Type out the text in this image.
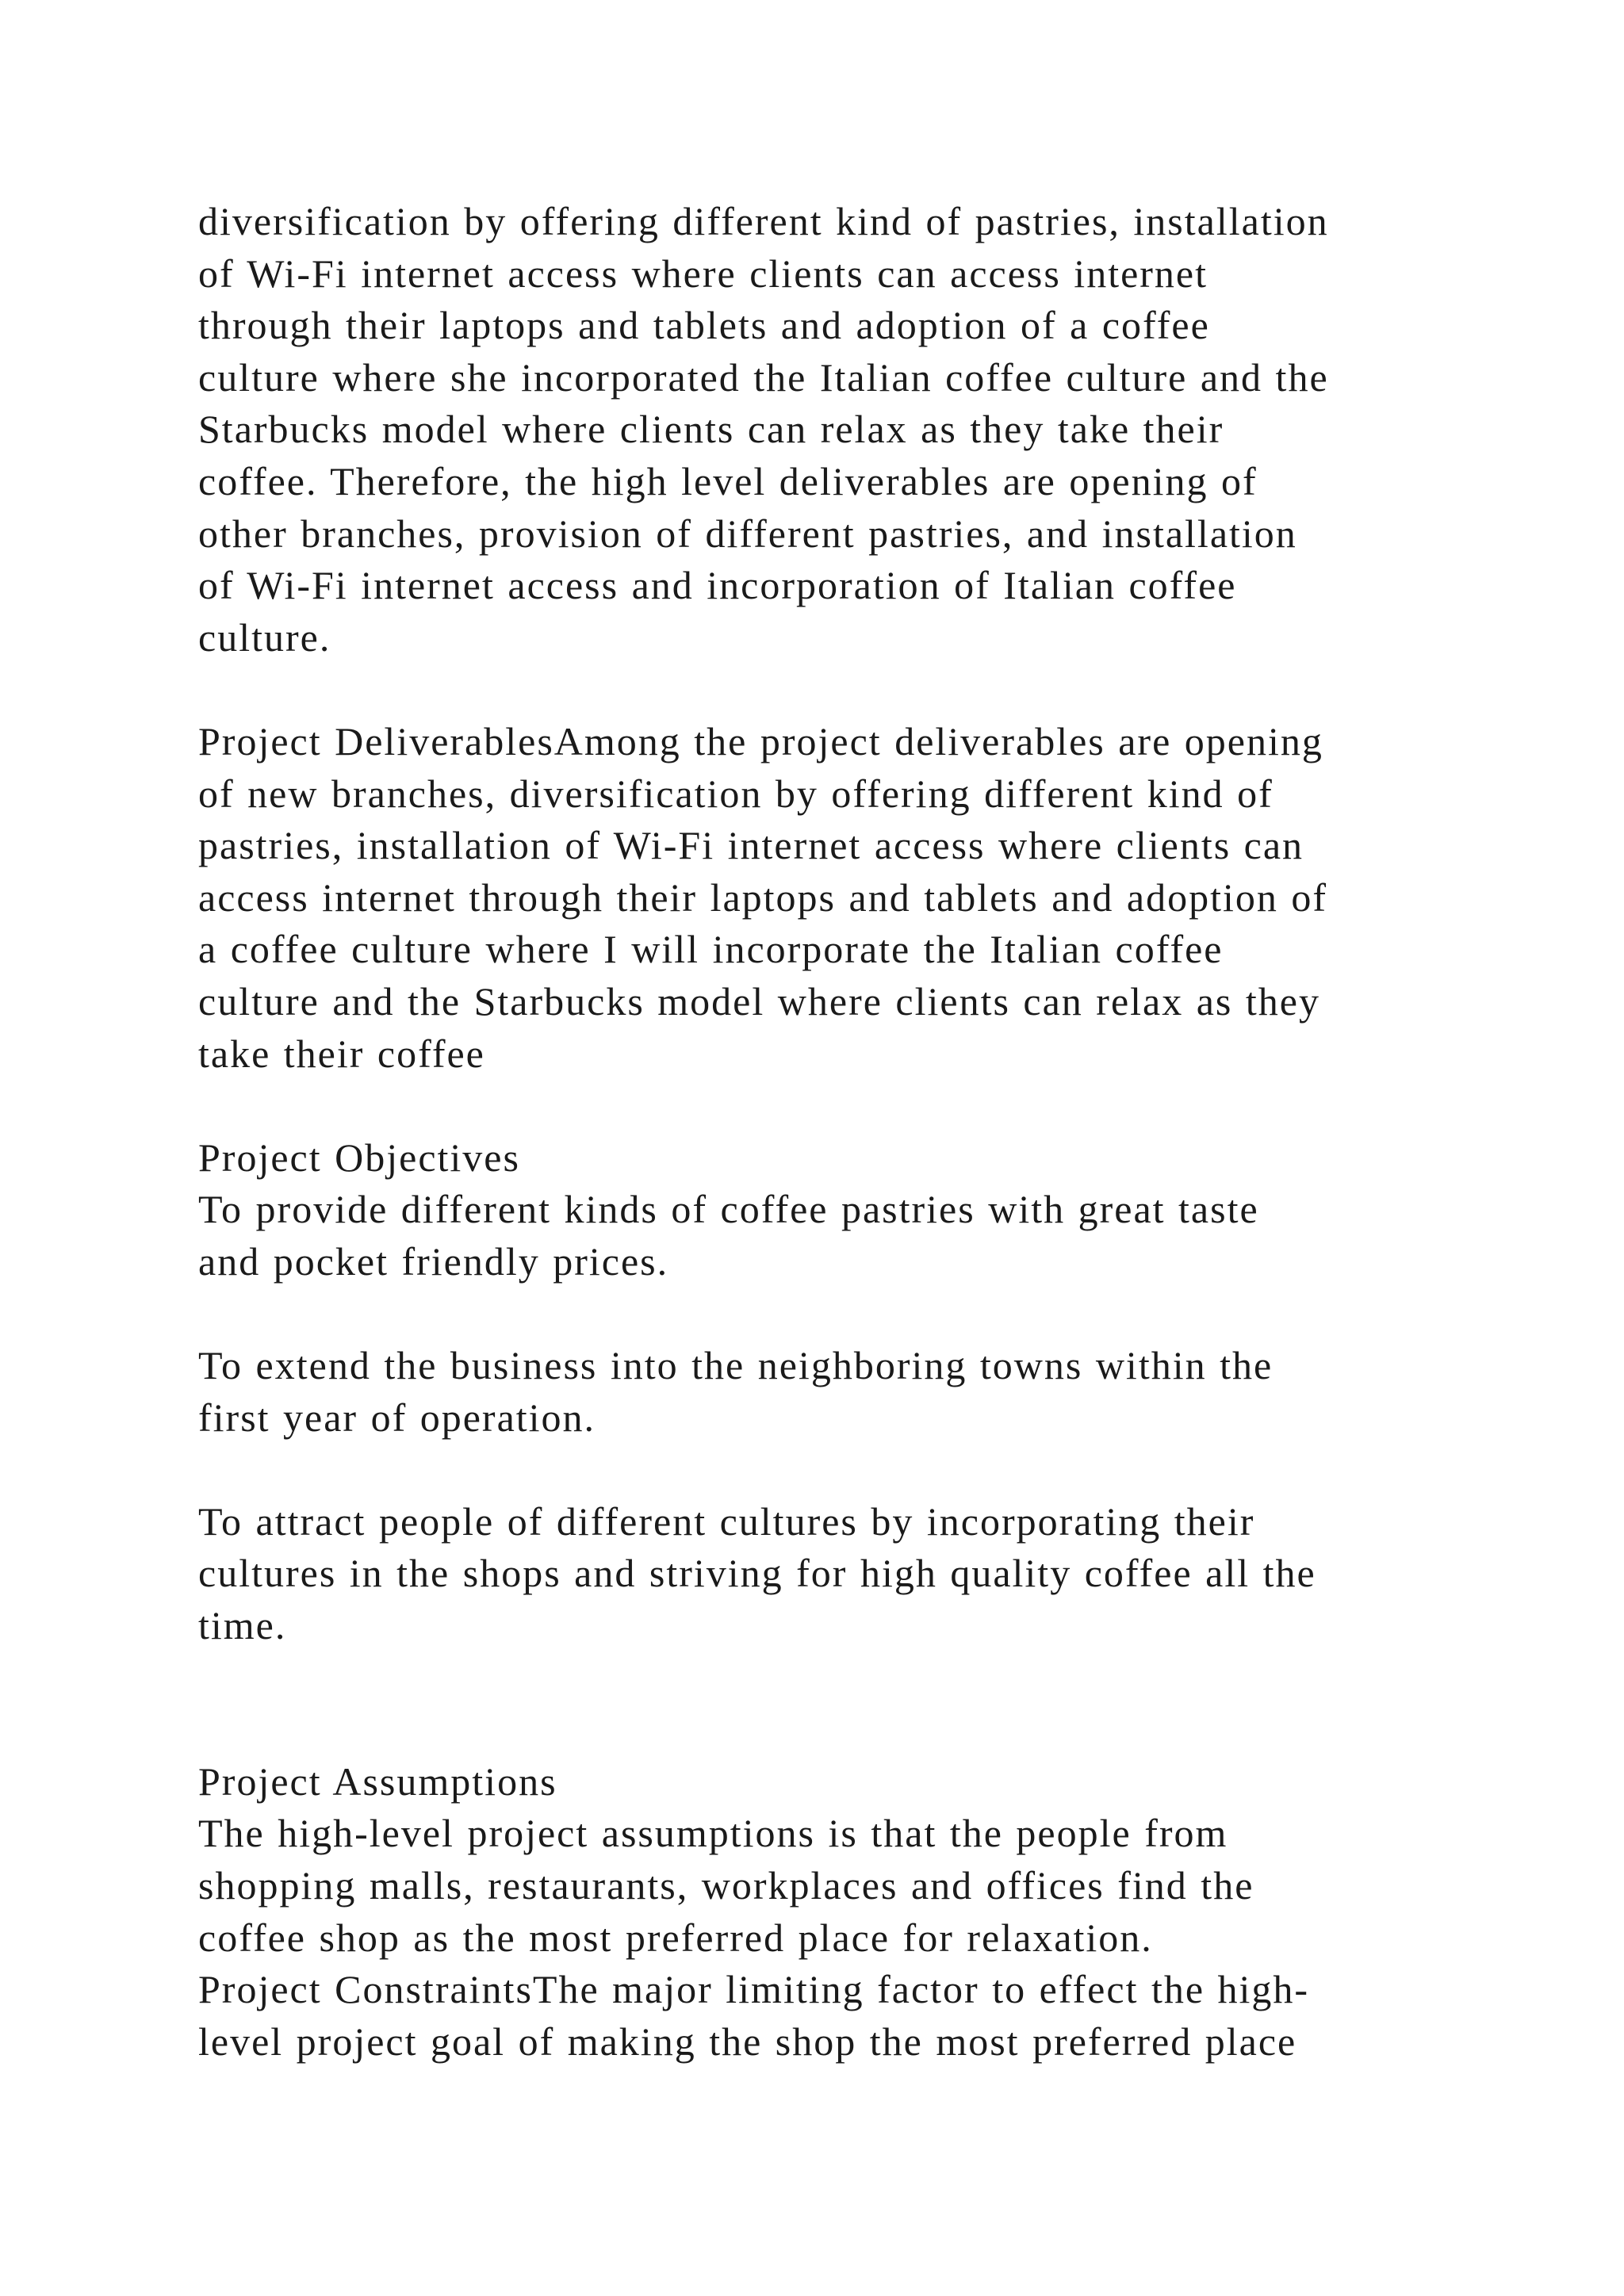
diversification by offering different kind of pastries, installation
of Wi-Fi internet access where clients can access internet
through their laptops and tablets and adoption of a coffee
culture where she incorporated the Italian coffee culture and the
Starbucks model where clients can relax as they take their
coffee. Therefore, the high level deliverables are opening of
other branches, provision of different pastries, and installation
of Wi-Fi internet access and incorporation of Italian coffee
culture.
Project DeliverablesAmong the project deliverables are opening
of new branches, diversification by offering different kind of
pastries, installation of Wi-Fi internet access where clients can
access internet through their laptops and tablets and adoption of
a coffee culture where I will incorporate the Italian coffee
culture and the Starbucks model where clients can relax as they
take their coffee
Project Objectives
To provide different kinds of coffee pastries with great taste
and pocket friendly prices.
To extend the business into the neighboring towns within the
first year of operation.
To attract people of different cultures by incorporating their
cultures in the shops and striving for high quality coffee all the
time.
Project Assumptions
The high-level project assumptions is that the people from
shopping malls, restaurants, workplaces and offices find the
coffee shop as the most preferred place for relaxation.
Project ConstraintsThe major limiting factor to effect the high-
level project goal of making the shop the most preferred place
